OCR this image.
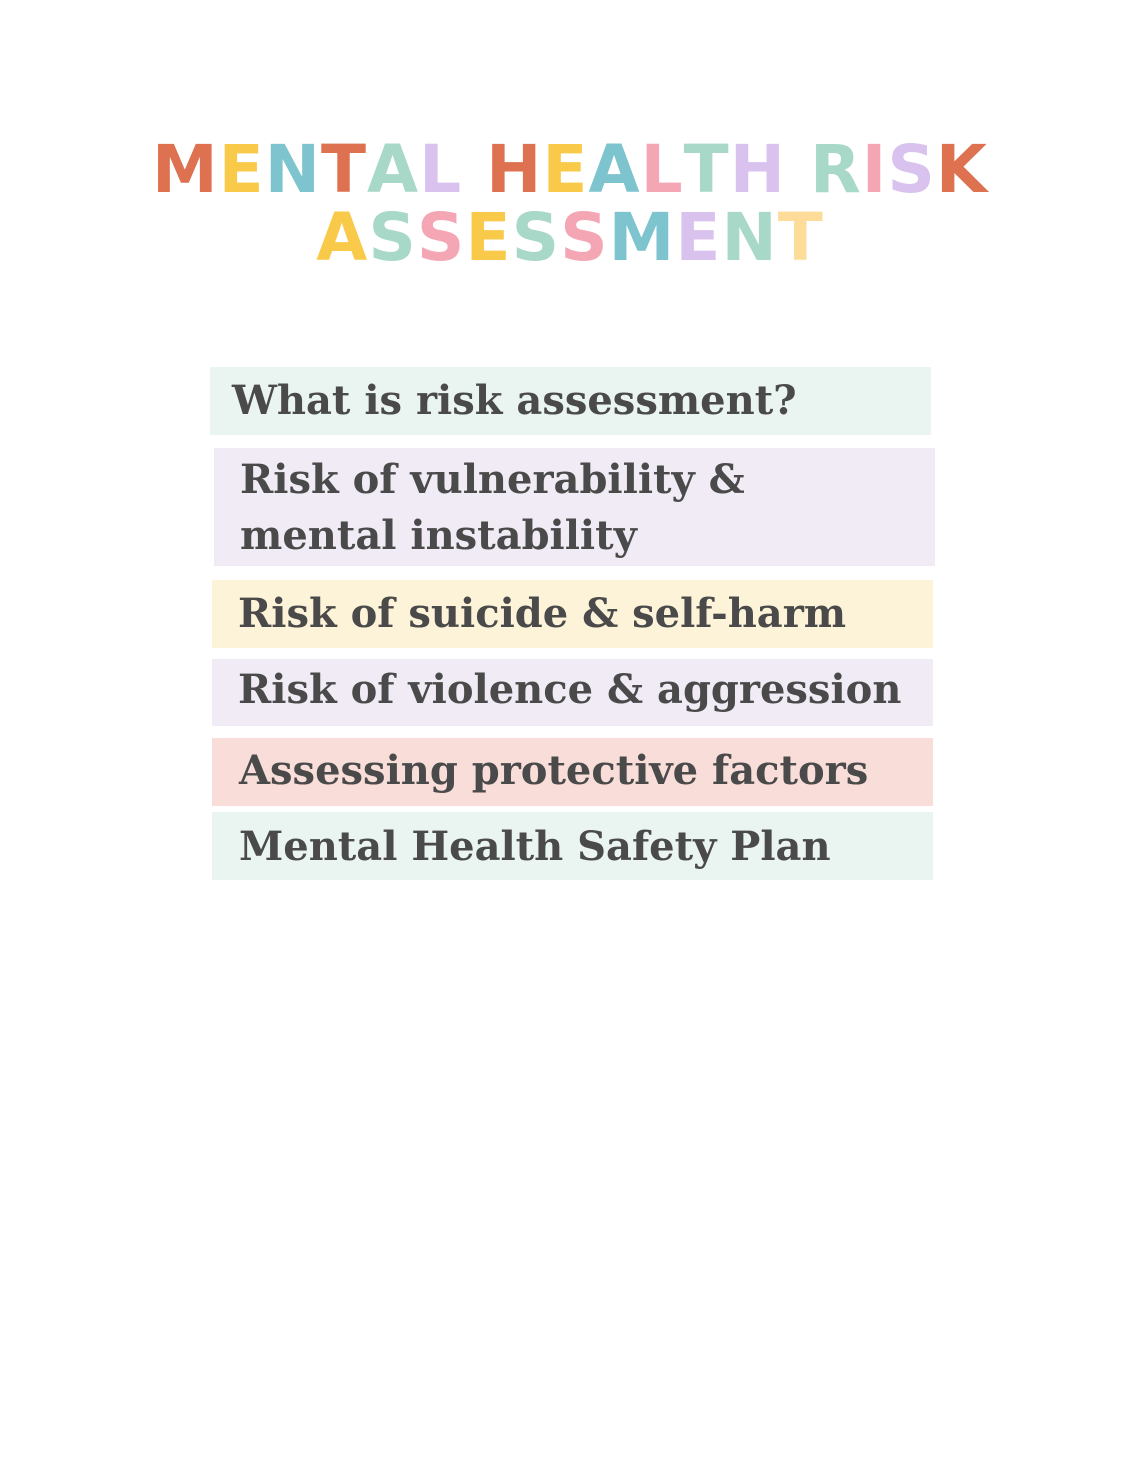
MENTAL HEALTH RISK
ASSESSMENT
What is risk assessment?
Risk of vulnerability & mental instability
Risk of suicide & self-harm
Risk of violence & aggression
Assessing protective factors
Mental Health Safety Plan
